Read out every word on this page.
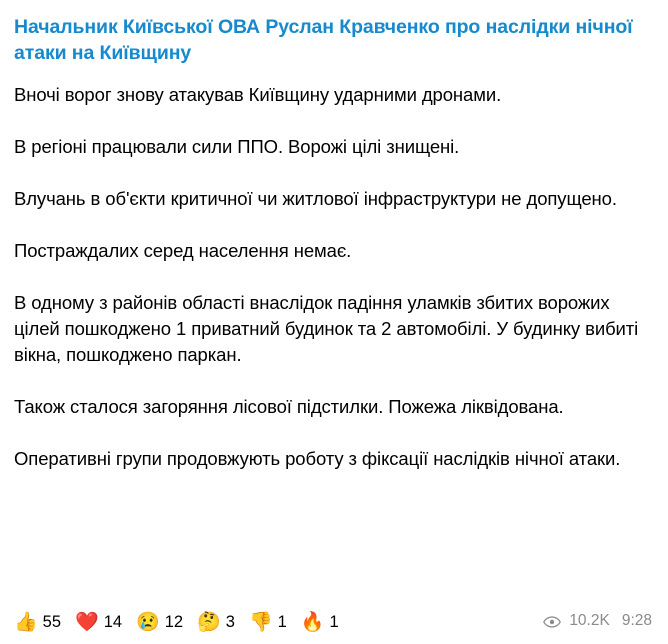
Начальник Київської ОВА Руслан Кравченко про наслідки нічної атаки на Київщину

Вночі ворог знову атакував Київщину ударними дронами.

В регіоні працювали сили ППО. Ворожі цілі знищені.

Влучань в об'єкти критичної чи житлової інфраструктури не допущено.

Постраждалих серед населення немає.

В одному з районів області внаслідок падіння уламків збитих ворожих цілей пошкоджено 1 приватний будинок та 2 автомобілі. У будинку вибиті вікна, пошкоджено паркан.

Також сталося загоряння лісової підстилки. Пожежа ліквідована.

Оперативні групи продовжують роботу з фіксації наслідків нічної атаки.

👍 55 ❤️ 14 😢 12 🤔 3 👎 1 🔥 1	10.2K 9:28
